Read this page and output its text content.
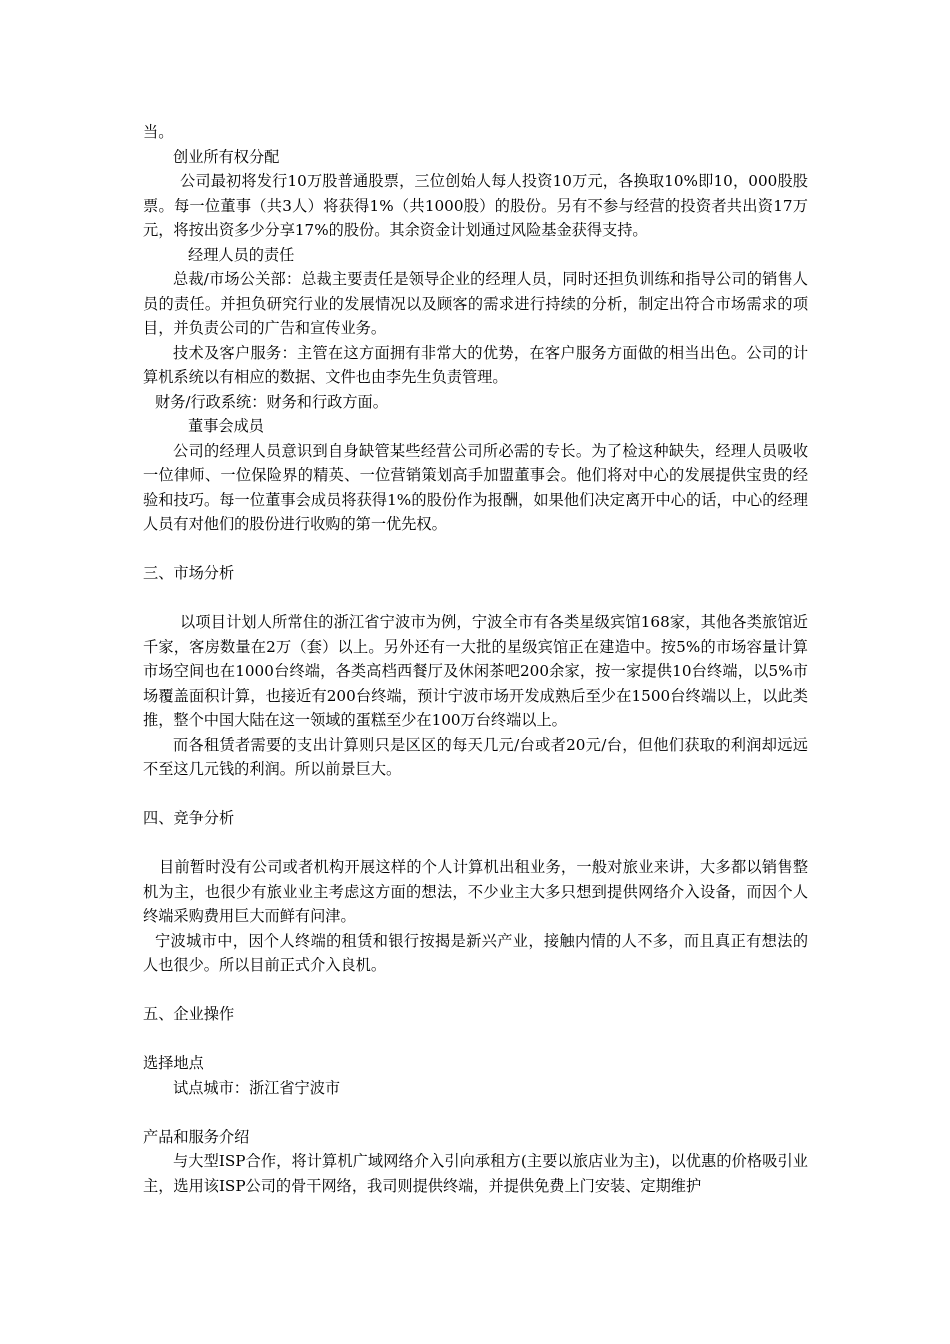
当。

创业所有权分配

公司最初将发行10万股普通股票，三位创始人每人投资10万元，各换取10%即10，000股股票。每一位董事（共3人）将获得1%（共1000股）的股份。另有不参与经营的投资者共出资17万元，将按出资多少分享17%的股份。其余资金计划通过风险基金获得支持。

经理人员的责任

总裁/市场公关部：总裁主要责任是领导企业的经理人员，同时还担负训练和指导公司的销售人员的责任。并担负研究行业的发展情况以及顾客的需求进行持续的分析，制定出符合市场需求的项目，并负责公司的广告和宣传业务。

技术及客户服务：主管在这方面拥有非常大的优势，在客户服务方面做的相当出色。公司的计算机系统以有相应的数据、文件也由李先生负责管理。

财务/行政系统：财务和行政方面。

董事会成员

公司的经理人员意识到自身缺管某些经营公司所必需的专长。为了检这种缺失，经理人员吸收一位律师、一位保险界的精英、一位营销策划高手加盟董事会。他们将对中心的发展提供宝贵的经验和技巧。每一位董事会成员将获得1%的股份作为报酬，如果他们决定离开中心的话，中心的经理人员有对他们的股份进行收购的第一优先权。

三、市场分析

以项目计划人所常住的浙江省宁波市为例，宁波全市有各类星级宾馆168家，其他各类旅馆近千家，客房数量在2万（套）以上。另外还有一大批的星级宾馆正在建造中。按5%的市场容量计算市场空间也在1000台终端，各类高档西餐厅及休闲茶吧200余家，按一家提供10台终端，以5%市场覆盖面积计算，也接近有200台终端，预计宁波市场开发成熟后至少在1500台终端以上，以此类推，整个中国大陆在这一领域的蛋糕至少在100万台终端以上。

而各租赁者需要的支出计算则只是区区的每天几元/台或者20元/台，但他们获取的利润却远远不至这几元钱的利润。所以前景巨大。

四、竞争分析

目前暂时没有公司或者机构开展这样的个人计算机出租业务，一般对旅业来讲，大多都以销售整机为主，也很少有旅业业主考虑这方面的想法，不少业主大多只想到提供网络介入设备，而因个人终端采购费用巨大而鲜有问津。

宁波城市中，因个人终端的租赁和银行按揭是新兴产业，接触内情的人不多，而且真正有想法的人也很少。所以目前正式介入良机。

五、企业操作

选择地点

试点城市：浙江省宁波市

产品和服务介绍

与大型ISP合作，将计算机广域网络介入引向承租方(主要以旅店业为主)，以优惠的价格吸引业主，选用该ISP公司的骨干网络，我司则提供终端，并提供免费上门安装、定期维护
